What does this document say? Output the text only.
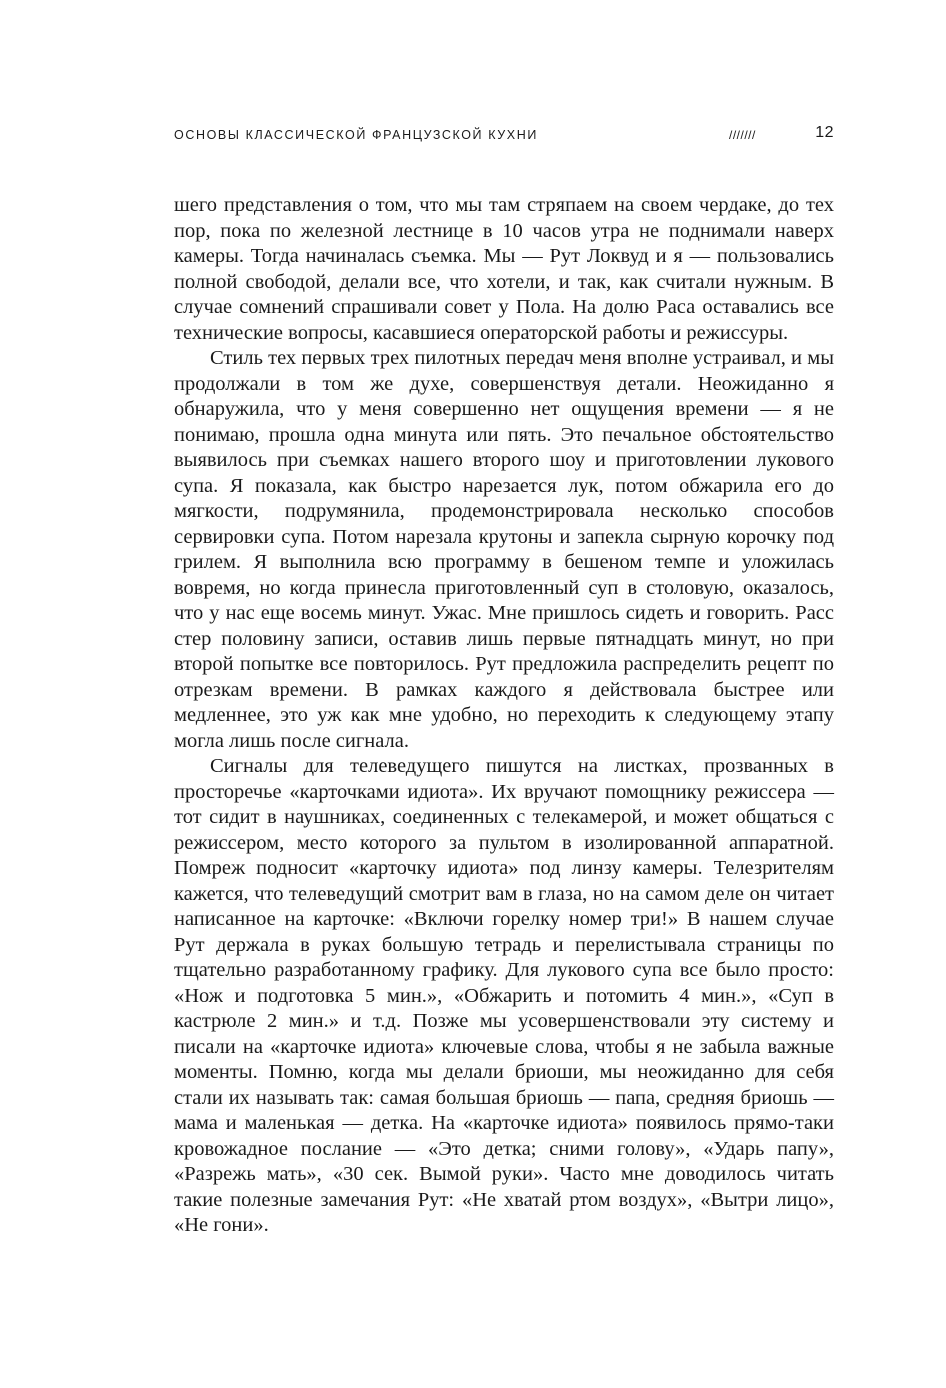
ОСНОВЫ КЛАССИЧЕСКОЙ ФРАНЦУЗСКОЙ КУХНИ	///////	12

шего представления о том, что мы там стряпаем на своем чердаке, до тех пор, пока по железной лестнице в 10 часов утра не поднимали наверх камеры. Тогда начиналась съемка. Мы — Рут Локвуд и я — пользовались полной свободой, делали все, что хотели, и так, как считали нужным. В случае сомнений спрашивали совет у Пола. На долю Раса оставались все технические вопросы, касавшиеся операторской работы и режиссуры.

Стиль тех первых трех пилотных передач меня вполне устраивал, и мы продолжали в том же духе, совершенствуя детали. Неожиданно я обнаружила, что у меня совершенно нет ощущения времени — я не понимаю, прошла одна минута или пять. Это печальное обстоятельство выявилось при съемках нашего второго шоу и приготовлении лукового супа. Я показала, как быстро нарезается лук, потом обжарила его до мягкости, подрумянила, продемонстрировала несколько способов сервировки супа. Потом нарезала крутоны и запекла сырную корочку под грилем. Я выполнила всю программу в бешеном темпе и уложилась вовремя, но когда принесла приготовленный суп в столовую, оказалось, что у нас еще восемь минут. Ужас. Мне пришлось сидеть и говорить. Расс стер половину записи, оставив лишь первые пятнадцать минут, но при второй попытке все повторилось. Рут предложила распределить рецепт по отрезкам времени. В рамках каждого я действовала быстрее или медленнее, это уж как мне удобно, но переходить к следующему этапу могла лишь после сигнала.

Сигналы для телеведущего пишутся на листках, прозванных в просторечье «карточками идиота». Их вручают помощнику режиссера — тот сидит в наушниках, соединенных с телекамерой, и может общаться с режиссером, место которого за пультом в изолированной аппаратной. Помреж подносит «карточку идиота» под линзу камеры. Телезрителям кажется, что телеведущий смотрит вам в глаза, но на самом деле он читает написанное на карточке: «Включи горелку номер три!» В нашем случае Рут держала в руках большую тетрадь и перелистывала страницы по тщательно разработанному графику. Для лукового супа все было просто: «Нож и подготовка 5 мин.», «Обжарить и потомить 4 мин.», «Суп в кастрюле 2 мин.» и т.д. Позже мы усовершенствовали эту систему и писали на «карточке идиота» ключевые слова, чтобы я не забыла важные моменты. Помню, когда мы делали бриоши, мы неожиданно для себя стали их называть так: самая большая бриошь — папа, средняя бриошь — мама и маленькая — детка. На «карточке идиота» появилось прямо-таки кровожадное послание — «Это детка; сними голову», «Ударь папу», «Разрежь мать», «30 сек. Вымой руки». Часто мне доводилось читать такие полезные замечания Рут: «Не хватай ртом воздух», «Вытри лицо», «Не гони».
